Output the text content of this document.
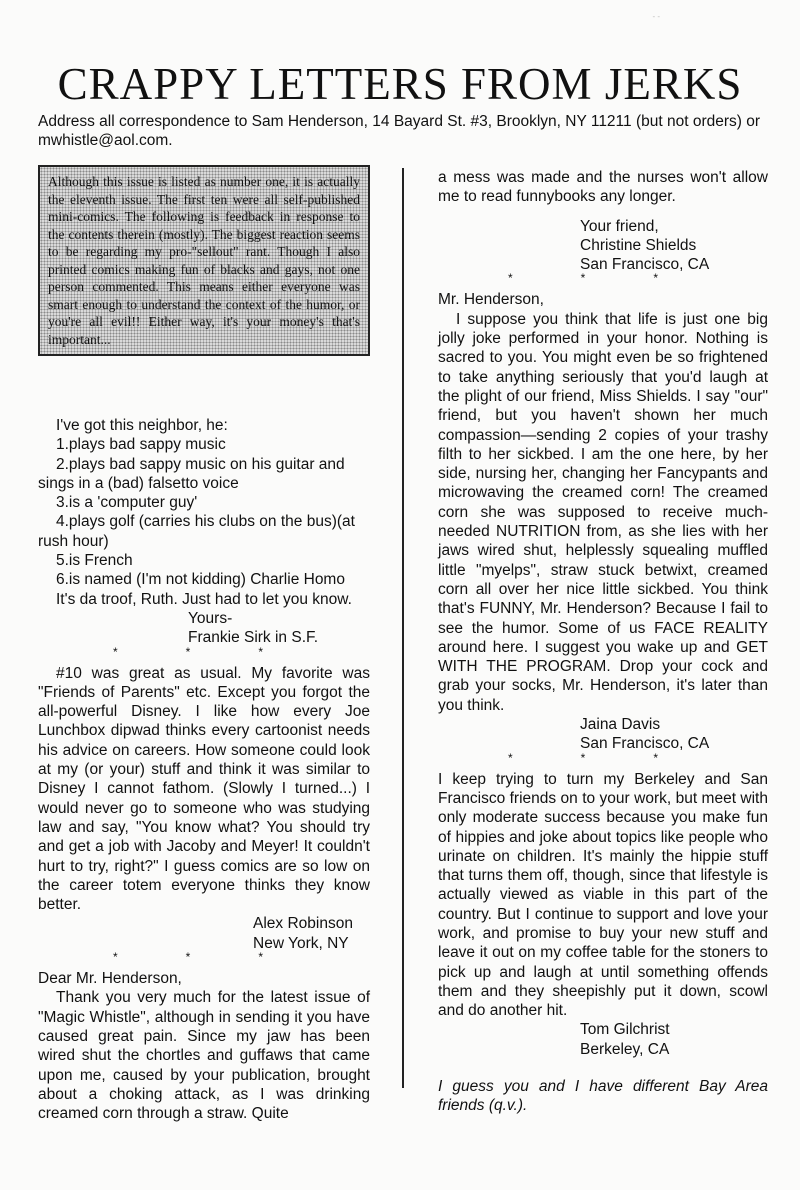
- -
CRAPPY LETTERS FROM JERKS
Address all correspondence to Sam Henderson, 14 Bayard St. #3, Brooklyn, NY 11211 (but not orders) or mwhistle@aol.com.
Although this issue is listed as number one, it is actually the eleventh issue. The first ten were all self-published mini-comics. The following is feedback in response to the contents therein (mostly). The biggest reaction seems to be regarding my pro-"sellout" rant. Though I also printed comics making fun of blacks and gays, not one person commented. This means either everyone was smart enough to understand the context of the humor, or you're all evil!! Either way, it's your money's that's important...
I've got this neighbor, he:
1.plays bad sappy music
2.plays bad sappy music on his guitar and sings in a (bad) falsetto voice
3.is a 'computer guy'
4.plays golf (carries his clubs on the bus)(at rush hour)
5.is French
6.is named (I'm not kidding) Charlie Homo
It's da troof, Ruth. Just had to let you know.
Yours-
Frankie Sirk in S.F.
*	*	*

#10 was great as usual. My favorite was "Friends of Parents" etc. Except you forgot the all-powerful Disney. I like how every Joe Lunchbox dipwad thinks every cartoonist needs his advice on careers. How someone could look at my (or your) stuff and think it was similar to Disney I cannot fathom. (Slowly I turned...) I would never go to someone who was studying law and say, "You know what? You should try and get a job with Jacoby and Meyer! It couldn't hurt to try, right?" I guess comics are so low on the career totem everyone thinks they know better.

Alex Robinson
New York, NY
*	*	*
Dear Mr. Henderson,

Thank you very much for the latest issue of "Magic Whistle", although in sending it you have caused great pain. Since my jaw has been wired shut the chortles and guffaws that came upon me, caused by your publication, brought about a choking attack, as I was drinking creamed corn through a straw. Quite

a mess was made and the nurses won't allow me to read funnybooks any longer.

Your friend,
Christine Shields
San Francisco, CA
*	*	*
Mr. Henderson,

I suppose you think that life is just one big jolly joke performed in your honor. Nothing is sacred to you. You might even be so frightened to take anything seriously that you'd laugh at the plight of our friend, Miss Shields. I say "our" friend, but you haven't shown her much compassion—sending 2 copies of your trashy filth to her sickbed. I am the one here, by her side, nursing her, changing her Fancypants and microwaving the creamed corn! The creamed corn she was supposed to receive much-needed NUTRITION from, as she lies with her jaws wired shut, helplessly squealing muffled little "myelps", straw stuck betwixt, creamed corn all over her nice little sickbed. You think that's FUNNY, Mr. Henderson? Because I fail to see the humor. Some of us FACE REALITY around here. I suggest you wake up and GET WITH THE PROGRAM. Drop your cock and grab your socks, Mr. Henderson, it's later than you think.

Jaina Davis
San Francisco, CA
*	*	*

I keep trying to turn my Berkeley and San Francisco friends on to your work, but meet with only moderate success because you make fun of hippies and joke about topics like people who urinate on children. It's mainly the hippie stuff that turns them off, though, since that lifestyle is actually viewed as viable in this part of the country. But I continue to support and love your work, and promise to buy your new stuff and leave it out on my coffee table for the stoners to pick up and laugh at until something offends them and they sheepishly put it down, scowl and do another hit.

Tom Gilchrist
Berkeley, CA

I guess you and I have different Bay Area friends (q.v.).
